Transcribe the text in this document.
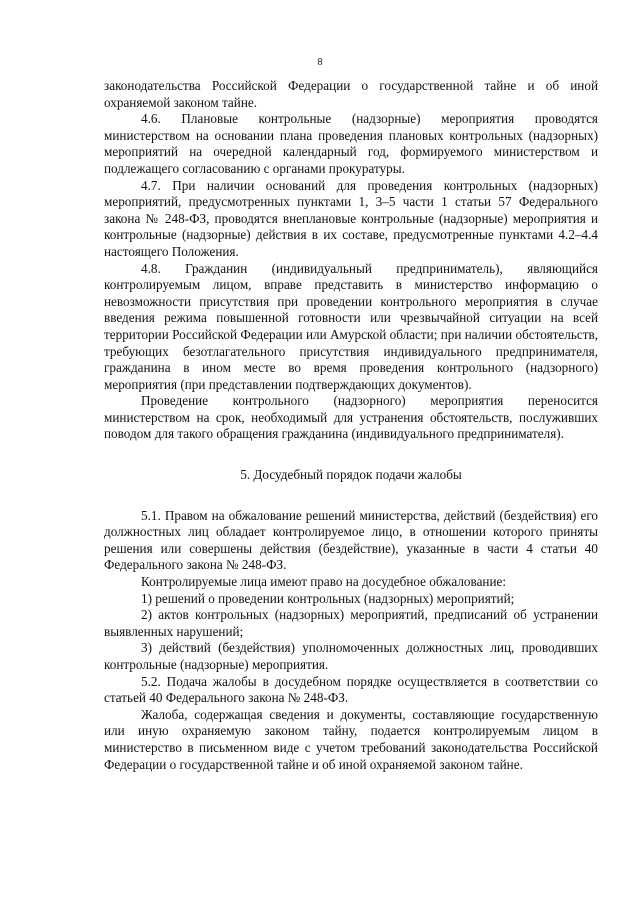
8

законодательства Российской Федерации о государственной тайне и об иной охраняемой законом тайне.

4.6. Плановые контрольные (надзорные) мероприятия проводятся министерством на основании плана проведения плановых контрольных (надзорных) мероприятий на очередной календарный год, формируемого министерством и подлежащего согласованию с органами прокуратуры.

4.7. При наличии оснований для проведения контрольных (надзорных) мероприятий, предусмотренных пунктами 1, 3–5 части 1 статьи 57 Федерального закона № 248-ФЗ, проводятся внеплановые контрольные (надзорные) мероприятия и контрольные (надзорные) действия в их составе, предусмотренные пунктами 4.2–4.4 настоящего Положения.

4.8. Гражданин (индивидуальный предприниматель), являющийся контролируемым лицом, вправе представить в министерство информацию о невозможности присутствия при проведении контрольного мероприятия в случае введения режима повышенной готовности или чрезвычайной ситуации на всей территории Российской Федерации или Амурской области; при наличии обстоятельств, требующих безотлагательного присутствия индивидуального предпринимателя, гражданина в ином месте во время проведения контрольного (надзорного) мероприятия (при представлении подтверждающих документов).

Проведение контрольного (надзорного) мероприятия переносится министерством на срок, необходимый для устранения обстоятельств, послуживших поводом для такого обращения гражданина (индивидуального предпринимателя).

5. Досудебный порядок подачи жалобы

5.1. Правом на обжалование решений министерства, действий (бездействия) его должностных лиц обладает контролируемое лицо, в отношении которого приняты решения или совершены действия (бездействие), указанные в части 4 статьи 40 Федерального закона № 248-ФЗ.

Контролируемые лица имеют право на досудебное обжалование:

1) решений о проведении контрольных (надзорных) мероприятий;

2) актов контрольных (надзорных) мероприятий, предписаний об устранении выявленных нарушений;

3) действий (бездействия) уполномоченных должностных лиц, проводивших контрольные (надзорные) мероприятия.

5.2. Подача жалобы в досудебном порядке осуществляется в соответствии со статьей 40 Федерального закона № 248-ФЗ.

Жалоба, содержащая сведения и документы, составляющие государственную или иную охраняемую законом тайну, подается контролируемым лицом в министерство в письменном виде с учетом требований законодательства Российской Федерации о государственной тайне и об иной охраняемой законом тайне.
